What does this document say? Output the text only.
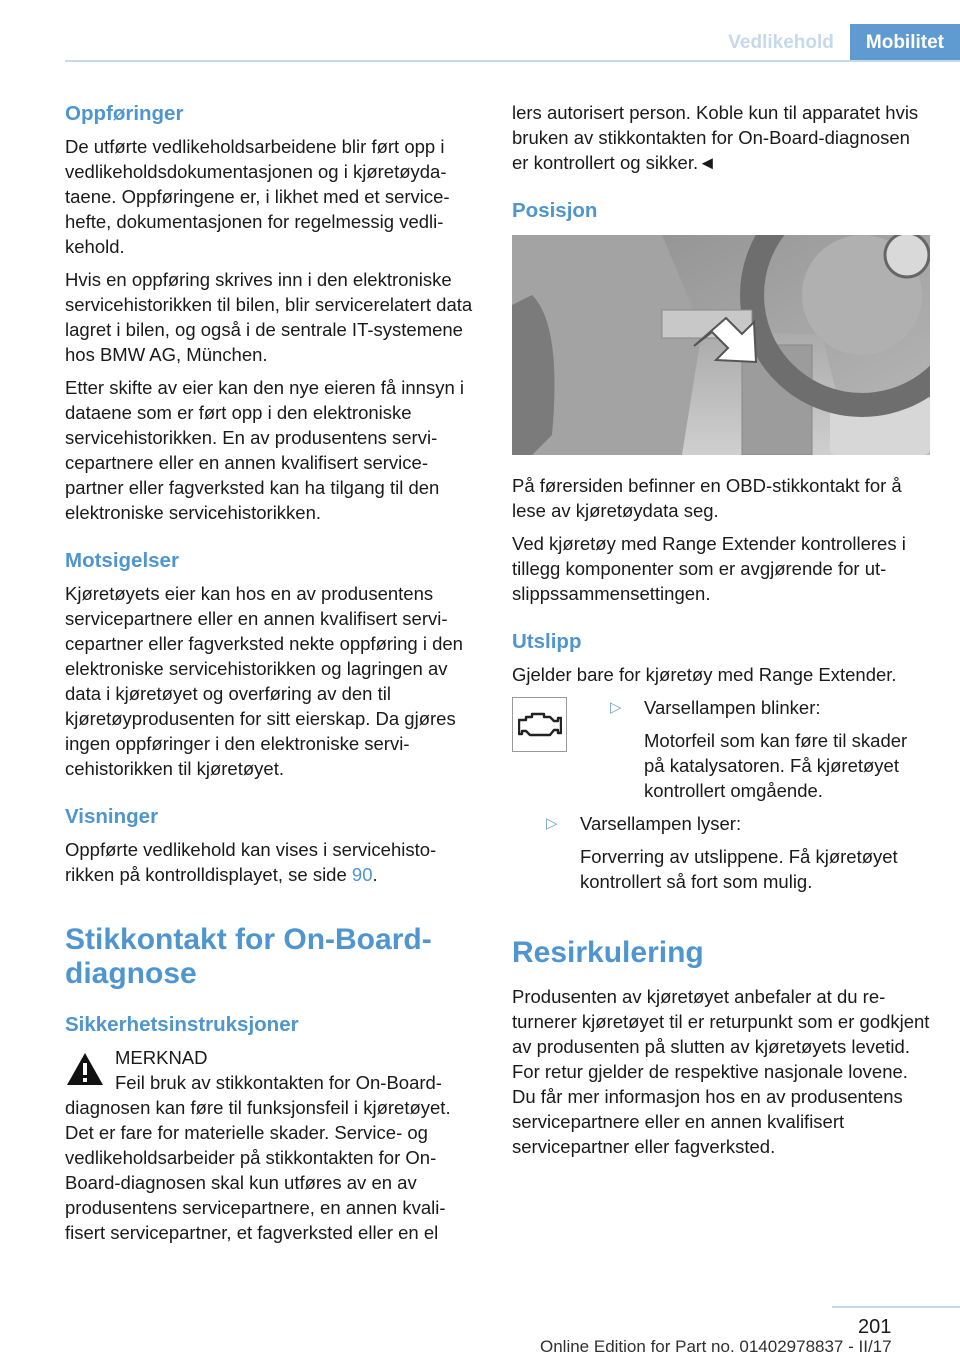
Vedlikehold	Mobilitet
Oppføringer

De utførte vedlikeholdsarbeidene blir ført opp i vedlikeholdsdokumentasjonen og i kjøretøydataene. Oppføringene er, i likhet med et servicehefte, dokumentasjonen for regelmessig vedlikehold.

Hvis en oppføring skrives inn i den elektroniske servicehistorikken til bilen, blir servicerelatert data lagret i bilen, og også i de sentrale IT-systemene hos BMW AG, München.

Etter skifte av eier kan den nye eieren få innsyn i dataene som er ført opp i den elektroniske servicehistorikken. En av produsentens servicepartnere eller en annen kvalifisert servicepartner eller fagverksted kan ha tilgang til den elektroniske servicehistorikken.

Motsigelser

Kjøretøyets eier kan hos en av produsentens servicepartnere eller en annen kvalifisert servicepartner eller fagverksted nekte oppføring i den elektroniske servicehistorikken og lagringen av data i kjøretøyet og overføring av den til kjøretøyprodusenten for sitt eierskap. Da gjøres ingen oppføringer i den elektroniske servicehistorikken til kjøretøyet.

Visninger

Oppførte vedlikehold kan vises i servicehistorikken på kontrolldisplayet, se side 90.

Stikkontakt for On-Board-diagnose
Sikkerhetsinstruksjoner
MERKNAD
Feil bruk av stikkontakten for On-Board-
diagnosen kan føre til funksjonsfeil i kjøretøyet. Det er fare for materielle skader. Service- og vedlikeholdsarbeider på stikkontakten for On-Board-diagnosen skal kun utføres av en av produsentens servicepartnere, en annen kvalifisert servicepartner, et fagverksted eller en el

lers autorisert person. Koble kun til apparatet hvis bruken av stikkontakten for On-Board-diagnosen er kontrollert og sikker.◄

Posisjon

På førersiden befinner en OBD-stikkontakt for å lese av kjøretøydata seg.

Ved kjøretøy med Range Extender kontrolleres i tillegg komponenter som er avgjørende for utslippssammensettingen.

Utslipp

Gjelder bare for kjøretøy med Range Extender.

▷ Varsellampen blinker:
Motorfeil som kan føre til skader på katalysatoren. Få kjøretøyet kontrollert omgående.
▷ Varsellampen lyser:
Forverring av utslippene. Få kjøretøyet kontrollert så fort som mulig.
Resirkulering

Produsenten av kjøretøyet anbefaler at du returnerer kjøretøyet til er returpunkt som er godkjent av produsenten på slutten av kjøretøyets levetid. For retur gjelder de respektive nasjonale lovene. Du får mer informasjon hos en av produsentens servicepartnere eller en annen kvalifisert servicepartner eller fagverksted.

201
Online Edition for Part no. 01402978837 - II/17
